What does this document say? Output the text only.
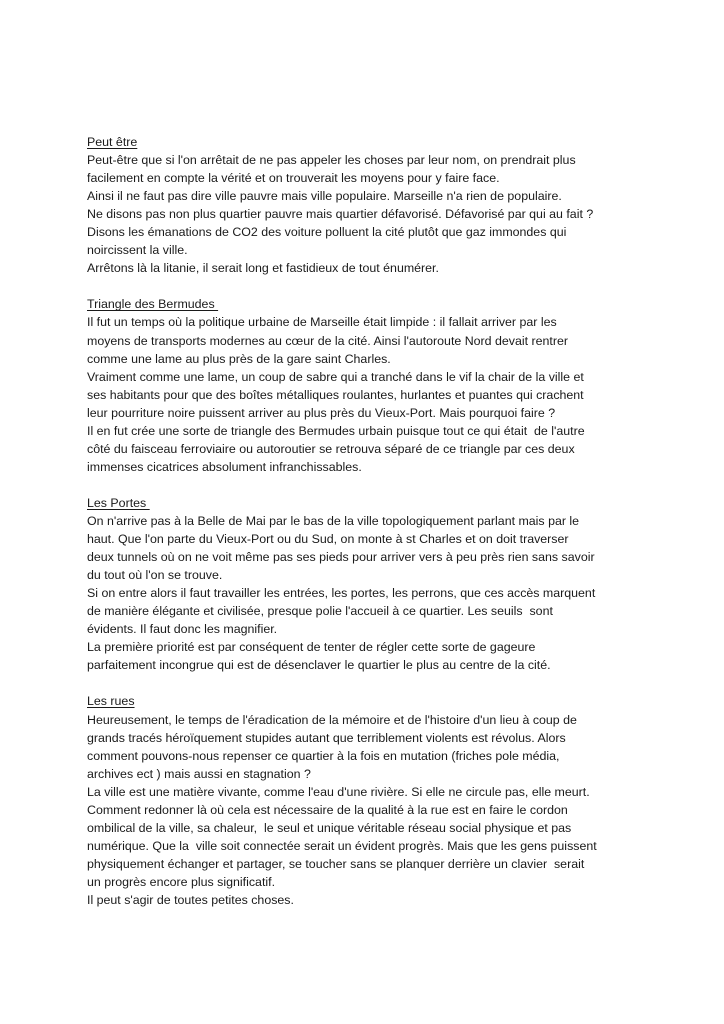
Peut être
Peut-être que si l'on arrêtait de ne pas appeler les choses par leur nom, on prendrait plus
facilement en compte la vérité et on trouverait les moyens pour y faire face.
Ainsi il ne faut pas dire ville pauvre mais ville populaire. Marseille n'a rien de populaire.
Ne disons pas non plus quartier pauvre mais quartier défavorisé. Défavorisé par qui au fait ?
Disons les émanations de CO2 des voiture polluent la cité plutôt que gaz immondes qui
noircissent la ville.
Arrêtons là la litanie, il serait long et fastidieux de tout énumérer.
Triangle des Bermudes
Il fut un temps où la politique urbaine de Marseille était limpide : il fallait arriver par les
moyens de transports modernes au cœur de la cité. Ainsi l'autoroute Nord devait rentrer
comme une lame au plus près de la gare saint Charles.
Vraiment comme une lame, un coup de sabre qui a tranché dans le vif la chair de la ville et
ses habitants pour que des boîtes métalliques roulantes, hurlantes et puantes qui crachent
leur pourriture noire puissent arriver au plus près du Vieux-Port. Mais pourquoi faire ?
Il en fut crée une sorte de triangle des Bermudes urbain puisque tout ce qui était  de l'autre
côté du faisceau ferroviaire ou autoroutier se retrouva séparé de ce triangle par ces deux
immenses cicatrices absolument infranchissables.
Les Portes
On n'arrive pas à la Belle de Mai par le bas de la ville topologiquement parlant mais par le
haut. Que l'on parte du Vieux-Port ou du Sud, on monte à st Charles et on doit traverser
deux tunnels où on ne voit même pas ses pieds pour arriver vers à peu près rien sans savoir
du tout où l'on se trouve.
Si on entre alors il faut travailler les entrées, les portes, les perrons, que ces accès marquent
de manière élégante et civilisée, presque polie l'accueil à ce quartier. Les seuils  sont
évidents. Il faut donc les magnifier.
La première priorité est par conséquent de tenter de régler cette sorte de gageure
parfaitement incongrue qui est de désenclaver le quartier le plus au centre de la cité.
Les rues
Heureusement, le temps de l'éradication de la mémoire et de l'histoire d'un lieu à coup de
grands tracés héroïquement stupides autant que terriblement violents est révolus. Alors
comment pouvons-nous repenser ce quartier à la fois en mutation (friches pole média,
archives ect ) mais aussi en stagnation ?
La ville est une matière vivante, comme l'eau d'une rivière. Si elle ne circule pas, elle meurt.
Comment redonner là où cela est nécessaire de la qualité à la rue est en faire le cordon
ombilical de la ville, sa chaleur,  le seul et unique véritable réseau social physique et pas
numérique. Que la  ville soit connectée serait un évident progrès. Mais que les gens puissent
physiquement échanger et partager, se toucher sans se planquer derrière un clavier  serait
un progrès encore plus significatif.
Il peut s'agir de toutes petites choses.
